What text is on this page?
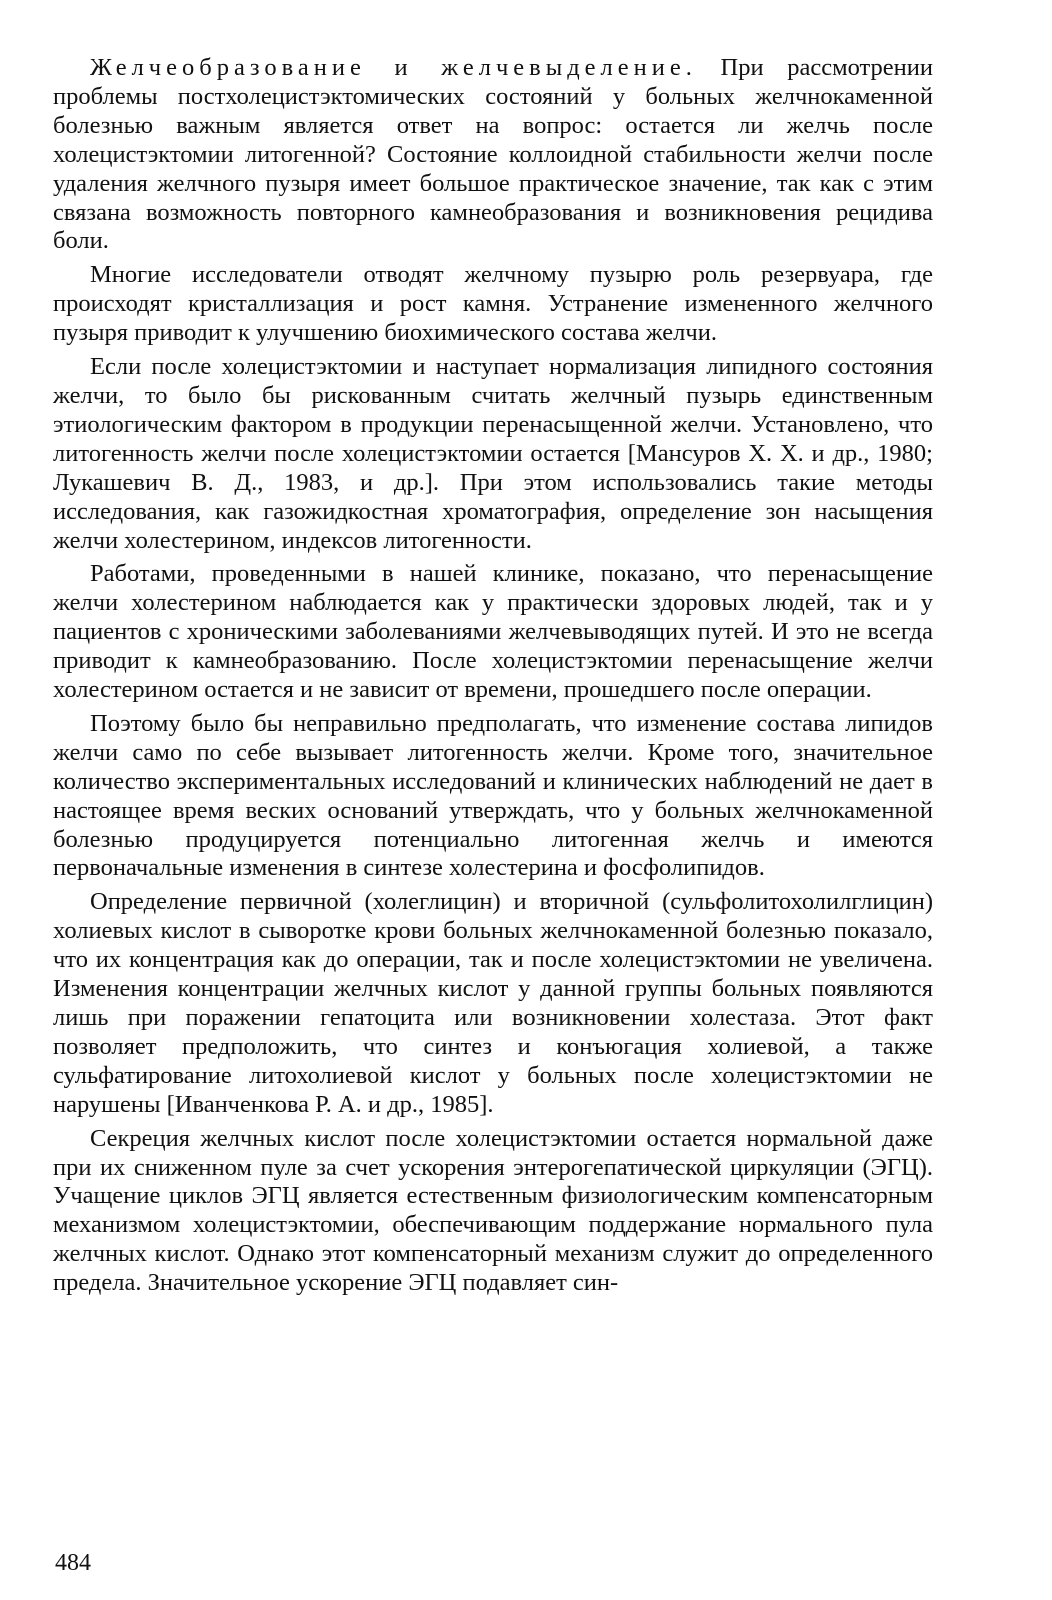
Желчеобразование и желчевыделение. При рассмотрении проблемы постхолецистэктомических состояний у больных желчнокаменной болезнью важным является ответ на вопрос: остается ли желчь после холецистэктомии литогенной? Состояние коллоидной стабильности желчи после удаления желчного пузыря имеет большое практическое значение, так как с этим связана возможность повторного камнеобразования и возникновения рецидива боли.

Многие исследователи отводят желчному пузырю роль резервуара, где происходят кристаллизация и рост камня. Устранение измененного желчного пузыря приводит к улучшению биохимического состава желчи.

Если после холецистэктомии и наступает нормализация липидного состояния желчи, то было бы рискованным считать желчный пузырь единственным этиологическим фактором в продукции перенасыщенной желчи. Установлено, что литогенность желчи после холецистэктомии остается [Мансуров X. X. и др., 1980; Лукашевич В. Д., 1983, и др.]. При этом использовались такие методы исследования, как газожидкостная хроматография, определение зон насыщения желчи холестерином, индексов литогенности.

Работами, проведенными в нашей клинике, показано, что перенасыщение желчи холестерином наблюдается как у практически здоровых людей, так и у пациентов с хроническими заболеваниями желчевыводящих путей. И это не всегда приводит к камнеобразованию. После холецистэктомии перенасыщение желчи холестерином остается и не зависит от времени, прошедшего после операции.

Поэтому было бы неправильно предполагать, что изменение состава липидов желчи само по себе вызывает литогенность желчи. Кроме того, значительное количество экспериментальных исследований и клинических наблюдений не дает в настоящее время веских оснований утверждать, что у больных желчнокаменной болезнью продуцируется потенциально литогенная желчь и имеются первоначальные изменения в синтезе холестерина и фосфолипидов.

Определение первичной (холеглицин) и вторичной (сульфолитохолилглицин) холиевых кислот в сыворотке крови больных желчнокаменной болезнью показало, что их концентрация как до операции, так и после холецистэктомии не увеличена. Изменения концентрации желчных кислот у данной группы больных появляются лишь при поражении гепатоцита или возникновении холестаза. Этот факт позволяет предположить, что синтез и конъюгация холиевой, а также сульфатирование литохолиевой кислот у больных после холецистэктомии не нарушены [Иванченкова Р. А. и др., 1985].

Секреция желчных кислот после холецистэктомии остается нормальной даже при их сниженном пуле за счет ускорения энтерогепатической циркуляции (ЭГЦ). Учащение циклов ЭГЦ является естественным физиологическим компенсаторным механизмом холецистэктомии, обеспечивающим поддержание нормального пула желчных кислот. Однако этот компенсаторный механизм служит до определенного предела. Значительное ускорение ЭГЦ подавляет син-

484
